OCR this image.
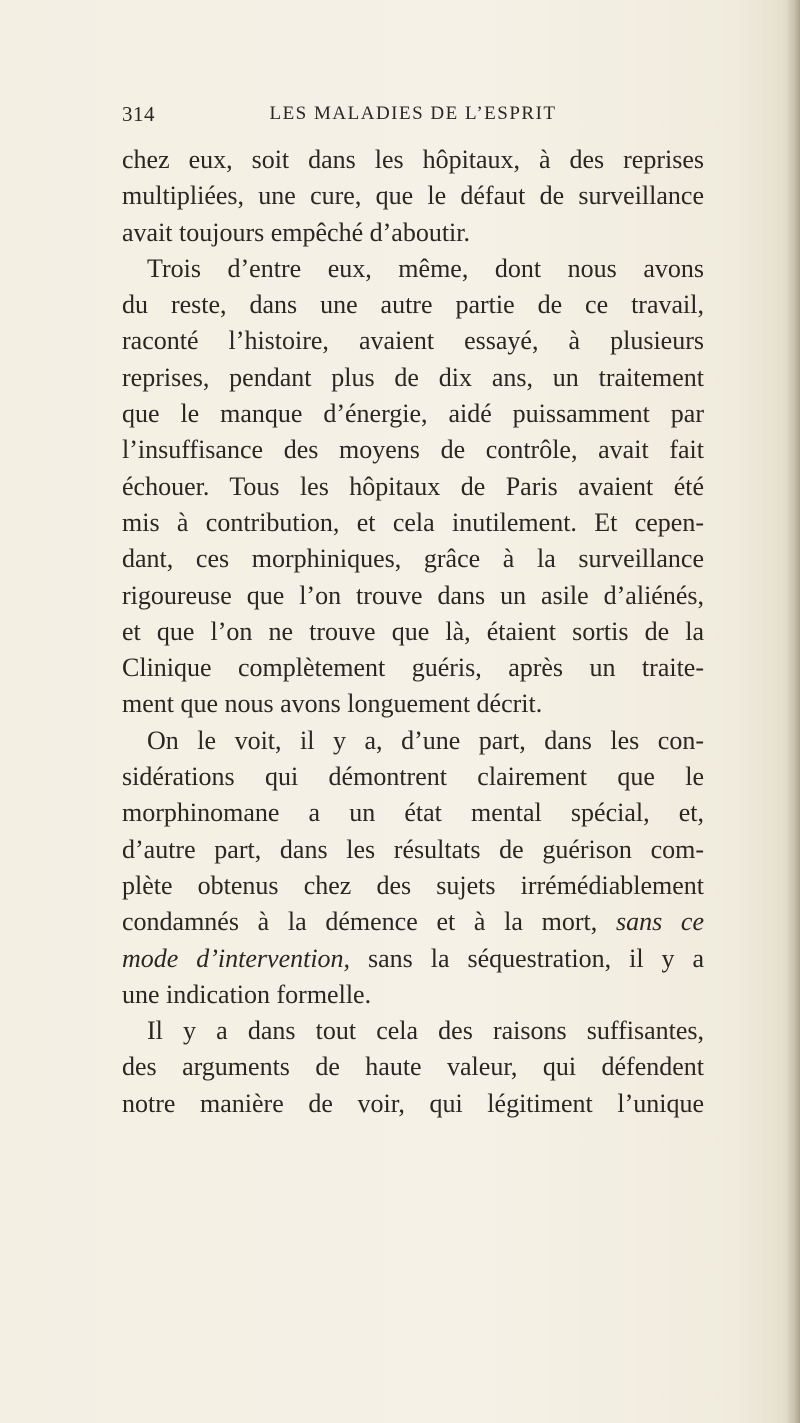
314	LES MALADIES DE L’ESPRIT
chez eux, soit dans les hôpitaux, à des reprises
multipliées, une cure, que le défaut de surveillance
avait toujours empêché d’aboutir.
Trois d’entre eux, même, dont nous avons
du reste, dans une autre partie de ce travail,
raconté l’histoire, avaient essayé, à plusieurs
reprises, pendant plus de dix ans, un traitement
que le manque d’énergie, aidé puissamment par
l’insuffisance des moyens de contrôle, avait fait
échouer. Tous les hôpitaux de Paris avaient été
mis à contribution, et cela inutilement. Et cepen-
dant, ces morphiniques, grâce à la surveillance
rigoureuse que l’on trouve dans un asile d’aliénés,
et que l’on ne trouve que là, étaient sortis de la
Clinique complètement guéris, après un traite-
ment que nous avons longuement décrit.
On le voit, il y a, d’une part, dans les con-
sidérations qui démontrent clairement que le
morphinomane a un état mental spécial, et,
d’autre part, dans les résultats de guérison com-
plète obtenus chez des sujets irrémédiablement
condamnés à la démence et à la mort, sans ce
mode d’intervention, sans la séquestration, il y a
une indication formelle.
Il y a dans tout cela des raisons suffisantes,
des arguments de haute valeur, qui défendent
notre manière de voir, qui légitiment l’unique
